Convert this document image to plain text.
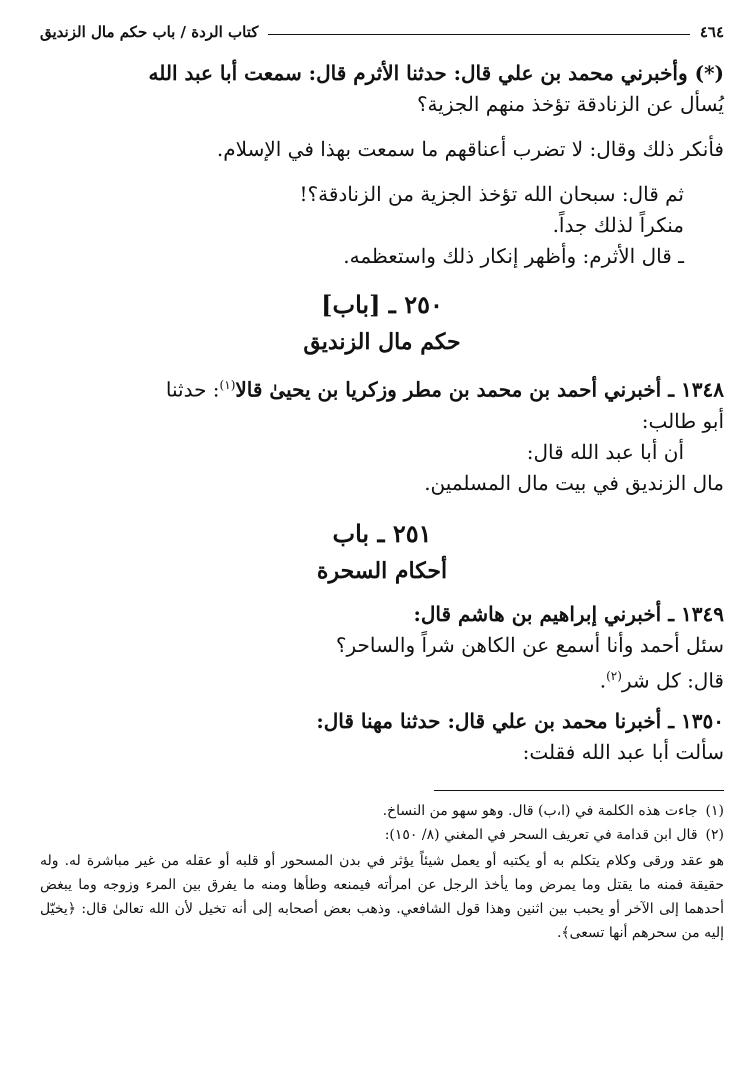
٤٦٤
كتاب الردة / باب حكم مال الزنديق

(*) وأخبرني محمد بن علي قال: حدثنا الأثرم قال: سمعت أبا عبد الله

يُسأل عن الزنادقة تؤخذ منهم الجزية؟

فأنكر ذلك وقال: لا تضرب أعناقهم ما سمعت بهذا في الإسلام.

ثم قال: سبحان الله تؤخذ الجزية من الزنادقة؟!

منكراً لذلك جداً.

ـ قال الأثرم: وأظهر إنكار ذلك واستعظمه.

٢٥٠ ـ [باب]

حكم مال الزنديق

١٣٤٨ ـ أخبرني أحمد بن محمد بن مطر وزكريا بن يحيىٰ قالا$^{(١)}$: حدثنا

أبو طالب:

أن أبا عبد الله قال:

مال الزنديق في بيت مال المسلمين.

٢٥١ ـ باب

أحكام السحرة

١٣٤٩ ـ أخبرني إبراهيم بن هاشم قال:

سئل أحمد وأنا أسمع عن الكاهن شراً والساحر؟

قال: كل شر$^{(٢)}$.

١٣٥٠ ـ أخبرنا محمد بن علي قال: حدثنا مهنا قال:

سألت أبا عبد الله فقلت:

(١)
جاءت هذه الكلمة في (ا،ب) قال. وهو سهو من النساخ.
(٢)
قال ابن قدامة في تعريف السحر في المغني (٨/ ١٥٠):

هو عقد ورقى وكلام يتكلم به أو يكتبه أو يعمل شيئاً يؤثر في بدن المسحور أو قلبه أو عقله من غير مباشرة له. وله حقيقة فمنه ما يقتل وما يمرض وما يأخذ الرجل عن امرأته فيمنعه وطأها ومنه ما يفرق بين المرء وزوجه وما يبغض أحدهما إلى الآخر أو يحبب بين اثنين وهذا قول الشافعي. وذهب بعض أصحابه إلى أنه تخيل لأن الله تعالىٰ قال: ﴿يخيّل إليه من سحرهم أنها تسعى﴾.
